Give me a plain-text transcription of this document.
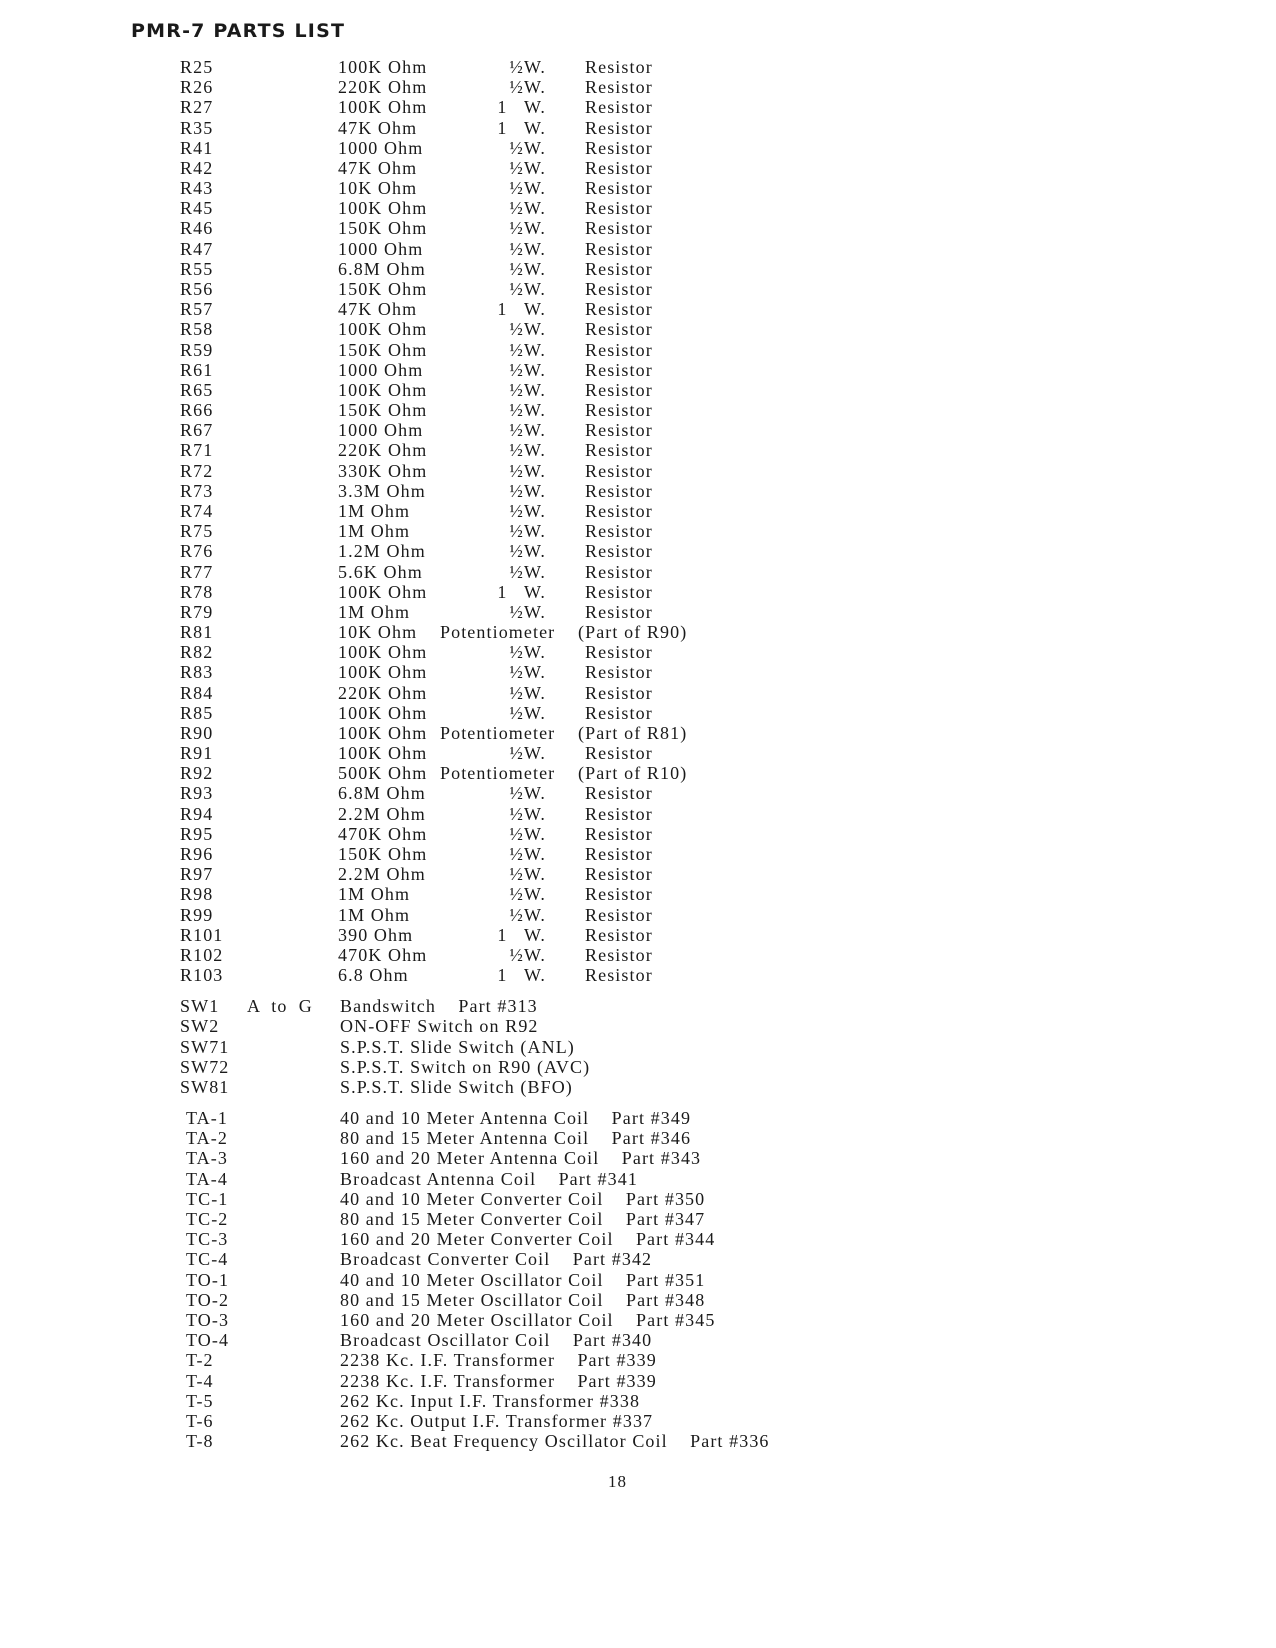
PMR-7 PARTS LIST
R25	100K Ohm	½W. Resistor
R26	220K Ohm	½W. Resistor
R27	100K Ohm	1   W. Resistor
R35	47K Ohm	1   W. Resistor
R41	1000 Ohm	½W. Resistor
R42	47K Ohm	½W. Resistor
R43	10K Ohm	½W. Resistor
R45	100K Ohm	½W. Resistor
R46	150K Ohm	½W. Resistor
R47	1000 Ohm	½W. Resistor
R55	6.8M Ohm	½W. Resistor
R56	150K Ohm	½W. Resistor
R57	47K Ohm	1   W. Resistor
R58	100K Ohm	½W. Resistor
R59	150K Ohm	½W. Resistor
R61	1000 Ohm	½W. Resistor
R65	100K Ohm	½W. Resistor
R66	150K Ohm	½W. Resistor
R67	1000 Ohm	½W. Resistor
R71	220K Ohm	½W. Resistor
R72	330K Ohm	½W. Resistor
R73	3.3M Ohm	½W. Resistor
R74	1M Ohm	½W. Resistor
R75	1M Ohm	½W. Resistor
R76	1.2M Ohm	½W. Resistor
R77	5.6K Ohm	½W. Resistor
R78	100K Ohm	1   W. Resistor
R79	1M Ohm	½W. Resistor
R81	10K Ohm Potentiometer (Part of R90)
R82	100K Ohm	½W. Resistor
R83	100K Ohm	½W. Resistor
R84	220K Ohm	½W. Resistor
R85	100K Ohm	½W. Resistor
R90	100K Ohm Potentiometer (Part of R81)
R91	100K Ohm	½W. Resistor
R92	500K Ohm Potentiometer (Part of R10)
R93	6.8M Ohm	½W. Resistor
R94	2.2M Ohm	½W. Resistor
R95	470K Ohm	½W. Resistor
R96	150K Ohm	½W. Resistor
R97	2.2M Ohm	½W. Resistor
R98	1M Ohm	½W. Resistor
R99	1M Ohm	½W. Resistor
R101	390 Ohm	1   W. Resistor
R102	470K Ohm	½W. Resistor
R103	6.8 Ohm	1   W. Resistor
SW1 A  to  G Bandswitch    Part #313
SW2	ON-OFF Switch on R92
SW71	S.P.S.T. Slide Switch (ANL)
SW72	S.P.S.T. Switch on R90 (AVC)
SW81	S.P.S.T. Slide Switch (BFO)
TA-1	40 and 10 Meter Antenna Coil    Part #349
TA-2	80 and 15 Meter Antenna Coil    Part #346
TA-3	160 and 20 Meter Antenna Coil    Part #343
TA-4	Broadcast Antenna Coil    Part #341
TC-1	40 and 10 Meter Converter Coil    Part #350
TC-2	80 and 15 Meter Converter Coil    Part #347
TC-3	160 and 20 Meter Converter Coil    Part #344
TC-4	Broadcast Converter Coil    Part #342
TO-1	40 and 10 Meter Oscillator Coil    Part #351
TO-2	80 and 15 Meter Oscillator Coil    Part #348
TO-3	160 and 20 Meter Oscillator Coil    Part #345
TO-4	Broadcast Oscillator Coil    Part #340
T-2	2238 Kc. I.F. Transformer    Part #339
T-4	2238 Kc. I.F. Transformer    Part #339
T-5	262 Kc. Input I.F. Transformer #338
T-6	262 Kc. Output I.F. Transformer #337
T-8	262 Kc. Beat Frequency Oscillator Coil    Part #336
18
